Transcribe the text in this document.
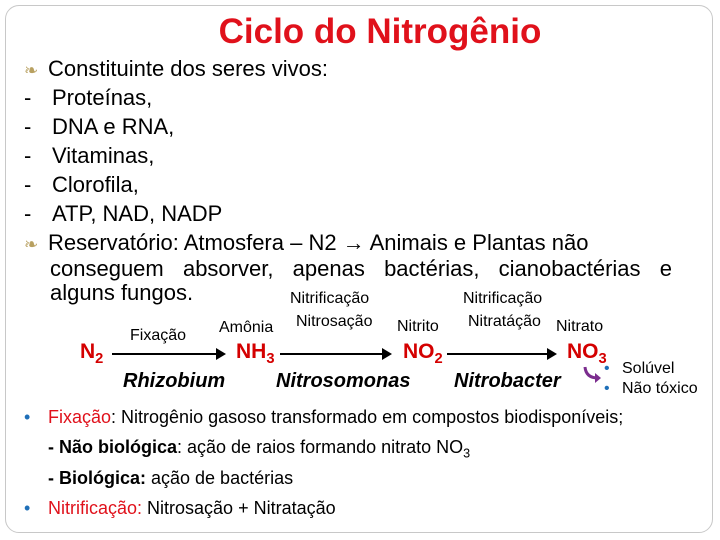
Ciclo do Nitrogênio
❧ Constituinte dos seres vivos:
- Proteínas,
- DNA e RNA,
- Vitaminas,
- Clorofila,
- ATP, NAD, NADP
❧ Reservatório: Atmosfera – N2 → Animais e Plantas não
conseguem absorver, apenas bactérias, cianobactérias e
alguns fungos.	Nitrificação	Nitrificação
Fixação Amônia Nitrosação Nitrito Nitratáção Nitrato
$N_2$	$NH_3$	$NO_2$	$NO_3$
Rhizobium	Nitrosomonas Nitrobacter
• Solúvel
• Não tóxico
• Fixação: Nitrogênio gasoso transformado em compostos biodisponíveis;
- Não biológica: ação de raios formando nitrato $NO_3$
- Biológica: ação de bactérias
• Nitrificação: Nitrosação + Nitratação
